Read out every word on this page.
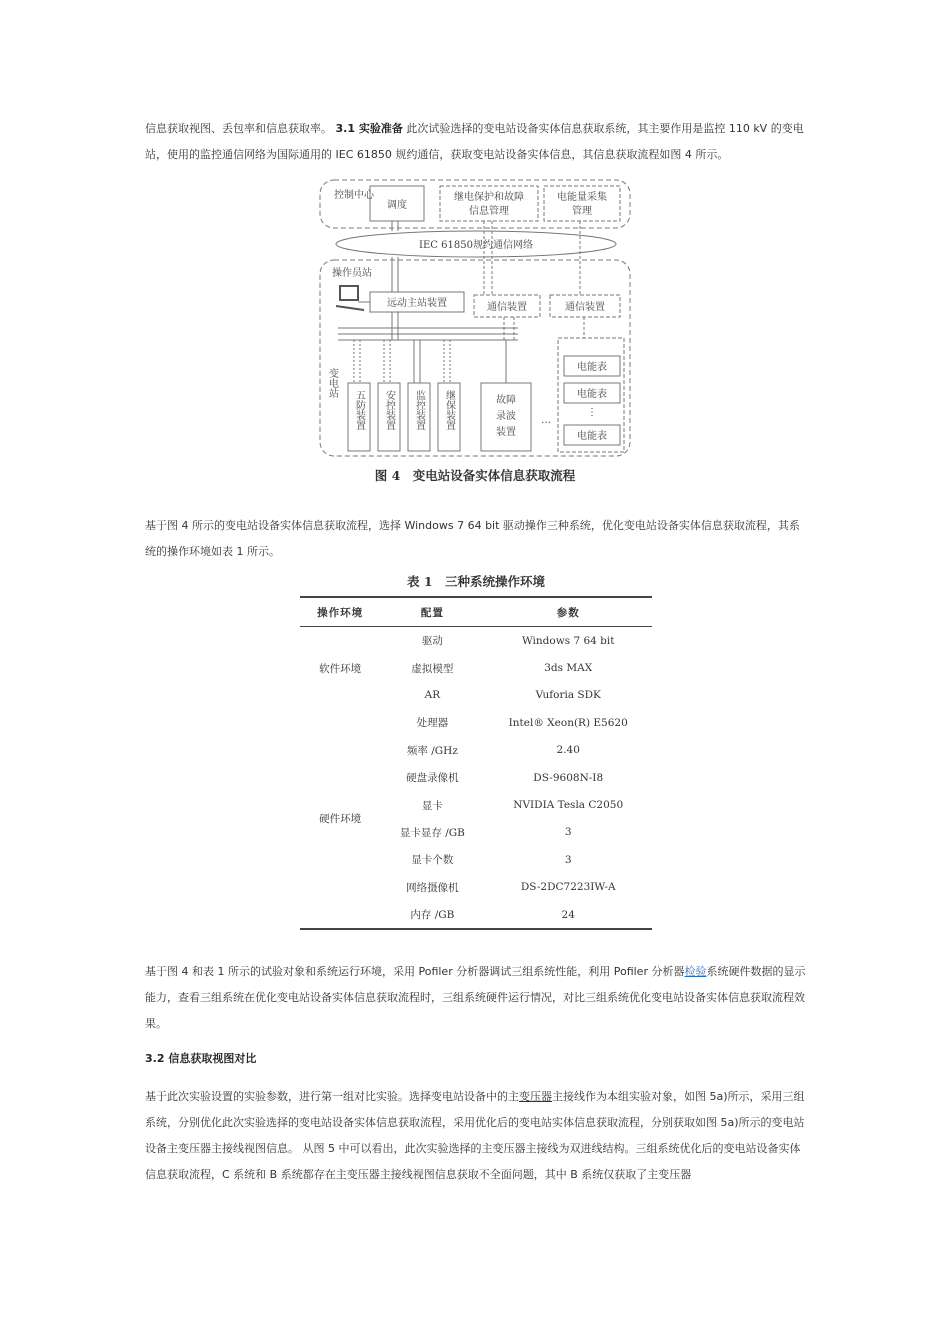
信息获取视图、丢包率和信息获取率。 3.1 实验准备 此次试验选择的变电站设备实体信息获取系统，其主要作用是监控 110 kV 的变电站，使用的监控通信网络为国际通用的 IEC 61850 规约通信，获取变电站设备实体信息，其信息获取流程如图 4 所示。

控制中心
调度
继电保护和故障
信息管理
电能量采集
管理
IEC 61850规约通信网络
操作员站
远动主站装置	通信装置	通信装置
变电站
五防装置 安控装置 监控装置 继保装置	故障
录波
装置
…
⋮
电能表
电能表
电能表
图 4　变电站设备实体信息获取流程

基于图 4 所示的变电站设备实体信息获取流程，选择 Windows 7 64 bit 驱动操作三种系统，优化变电站设备实体信息获取流程，其系统的操作环境如表 1 所示。

表 1　三种系统操作环境
操作环境	配置	参数
软件环境	驱动	Windows 7 64 bit
	虚拟模型	3ds MAX
	AR	Vuforia SDK
硬件环境	处理器	Intel® Xeon(R) E5620
	频率 /GHz	2.40
	硬盘录像机	DS-9608N-I8
	显卡	NVIDIA Tesla C2050
	显卡显存 /GB	3
	显卡个数	3
	网络摄像机	DS-2DC7223IW-A
	内存 /GB	24

基于图 4 和表 1 所示的试验对象和系统运行环境，采用 Pofiler 分析器调试三组系统性能，利用 Pofiler 分析器检验系统硬件数据的显示能力，查看三组系统在优化变电站设备实体信息获取流程时，三组系统硬件运行情况，对比三组系统优化变电站设备实体信息获取流程效果。

3.2 信息获取视图对比

基于此次实验设置的实验参数，进行第一组对比实验。选择变电站设备中的主变压器主接线作为本组实验对象，如图 5a)所示，采用三组系统，分别优化此次实验选择的变电站设备实体信息获取流程，采用优化后的变电站实体信息获取流程，分别获取如图 5a)所示的变电站设备主变压器主接线视图信息。 从图 5 中可以看出，此次实验选择的主变压器主接线为双进线结构。三组系统优化后的变电站设备实体信息获取流程，C 系统和 B 系统都存在主变压器主接线视图信息获取不全面问题，其中 B 系统仅获取了主变压器
